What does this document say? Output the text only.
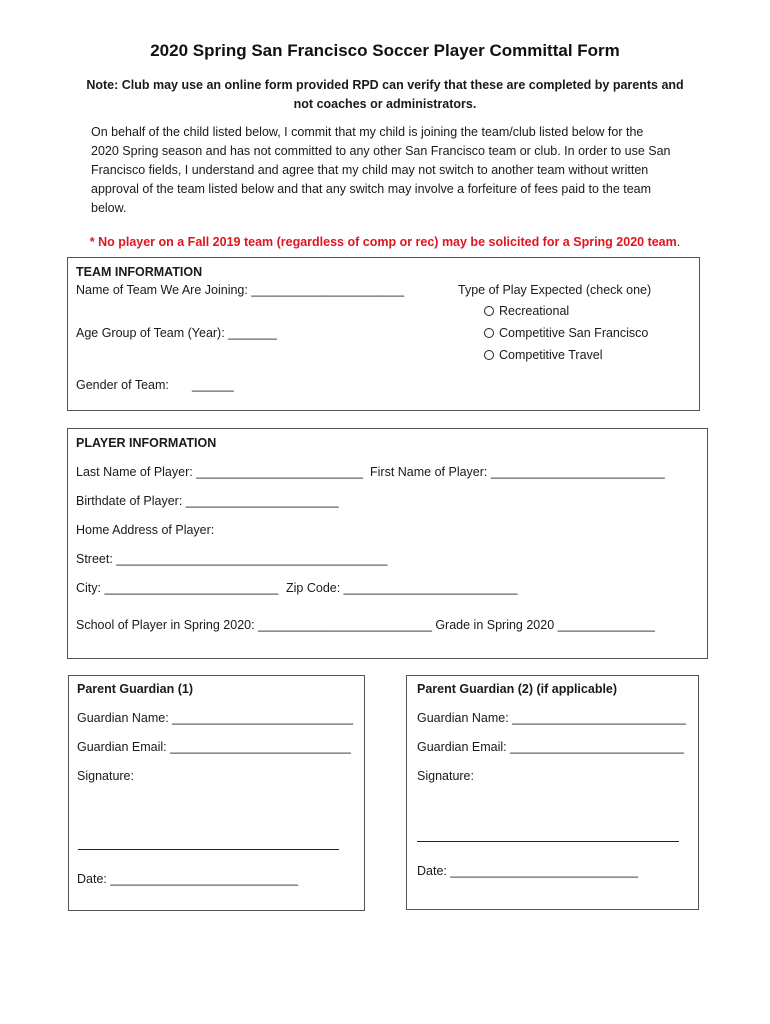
2020 Spring San Francisco Soccer Player Committal Form
Note: Club may use an online form provided RPD can verify that these are completed by parents and
not coaches or administrators.
On behalf of the child listed below, I commit that my child is joining the team/club listed below for the
2020 Spring season and has not committed to any other San Francisco team or club. In order to use San
Francisco fields, I understand and agree that my child may not switch to another team without written
approval of the team listed below and that any switch may involve a forfeiture of fees paid to the team
below.
* No player on a Fall 2019 team (regardless of comp or rec) may be solicited for a Spring 2020 team.
TEAM INFORMATION
Name of Team We Are Joining: ______________________
Age Group of Team (Year): _______
Gender of Team: ______
Type of Play Expected (check one)
Recreational
Competitive San Francisco
Competitive Travel
PLAYER INFORMATION
Last Name of Player: ________________________ First Name of Player: _________________________
Birthdate of Player: ______________________
Home Address of Player:
Street: _______________________________________
City: _________________________ Zip Code: _________________________
School of Player in Spring 2020: _________________________ Grade in Spring 2020 ______________
Parent Guardian (1)
Guardian Name: __________________________
Guardian Email: __________________________
Signature:
Date: ___________________________
Parent Guardian (2) (if applicable)
Guardian Name: _________________________
Guardian Email: _________________________
Signature:
Date: ___________________________
